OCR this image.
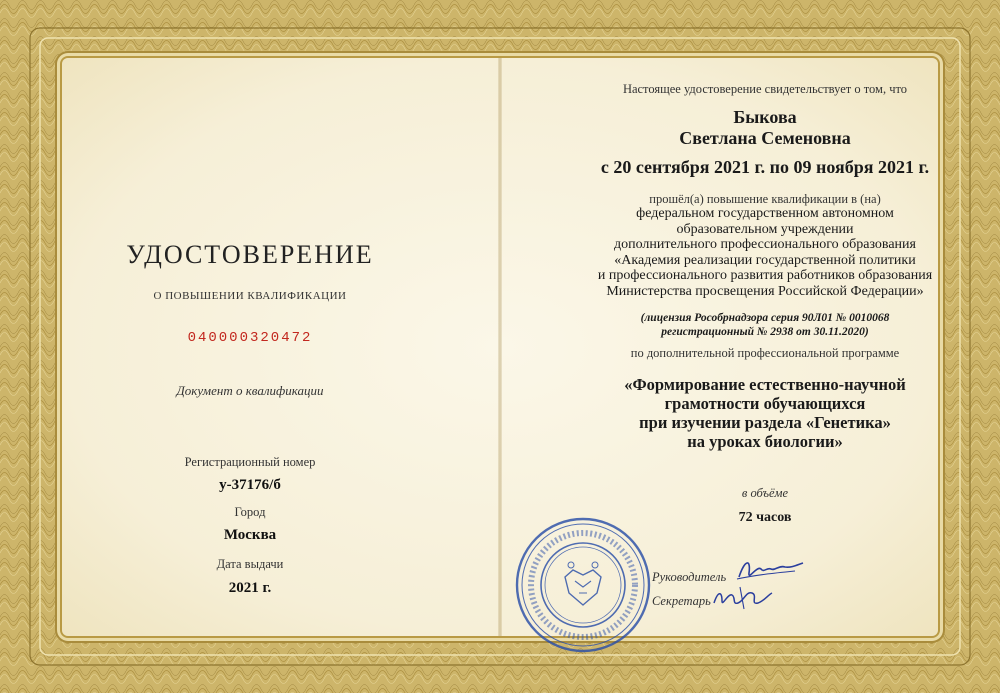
УДОСТОВЕРЕНИЕ
О ПОВЫШЕНИИ КВАЛИФИКАЦИИ
040000320472
Документ о квалификации
Регистрационный номер
у-37176/б
Город
Москва
Дата выдачи
2021 г.
Настоящее удостоверение свидетельствует о том, что
Быкова
Светлана Семеновна
с 20 сентября 2021 г. по 09 ноября 2021 г.
прошёл(а) повышение квалификации в (на)
федеральном государственном автономном
образовательном учреждении
дополнительного профессионального образования
«Академия реализации государственной политики
и профессионального развития работников образования
Министерства просвещения Российской Федерации»
(лицензия Рособрнадзора серия 90Л01 № 0010068
регистрационный № 2938 от 30.11.2020)
по дополнительной профессиональной программе
«Формирование естественно-научной
грамотности обучающихся
при изучении раздела «Генетика»
на уроках биологии»
в объёме
72 часов
Руководитель
Секретарь
